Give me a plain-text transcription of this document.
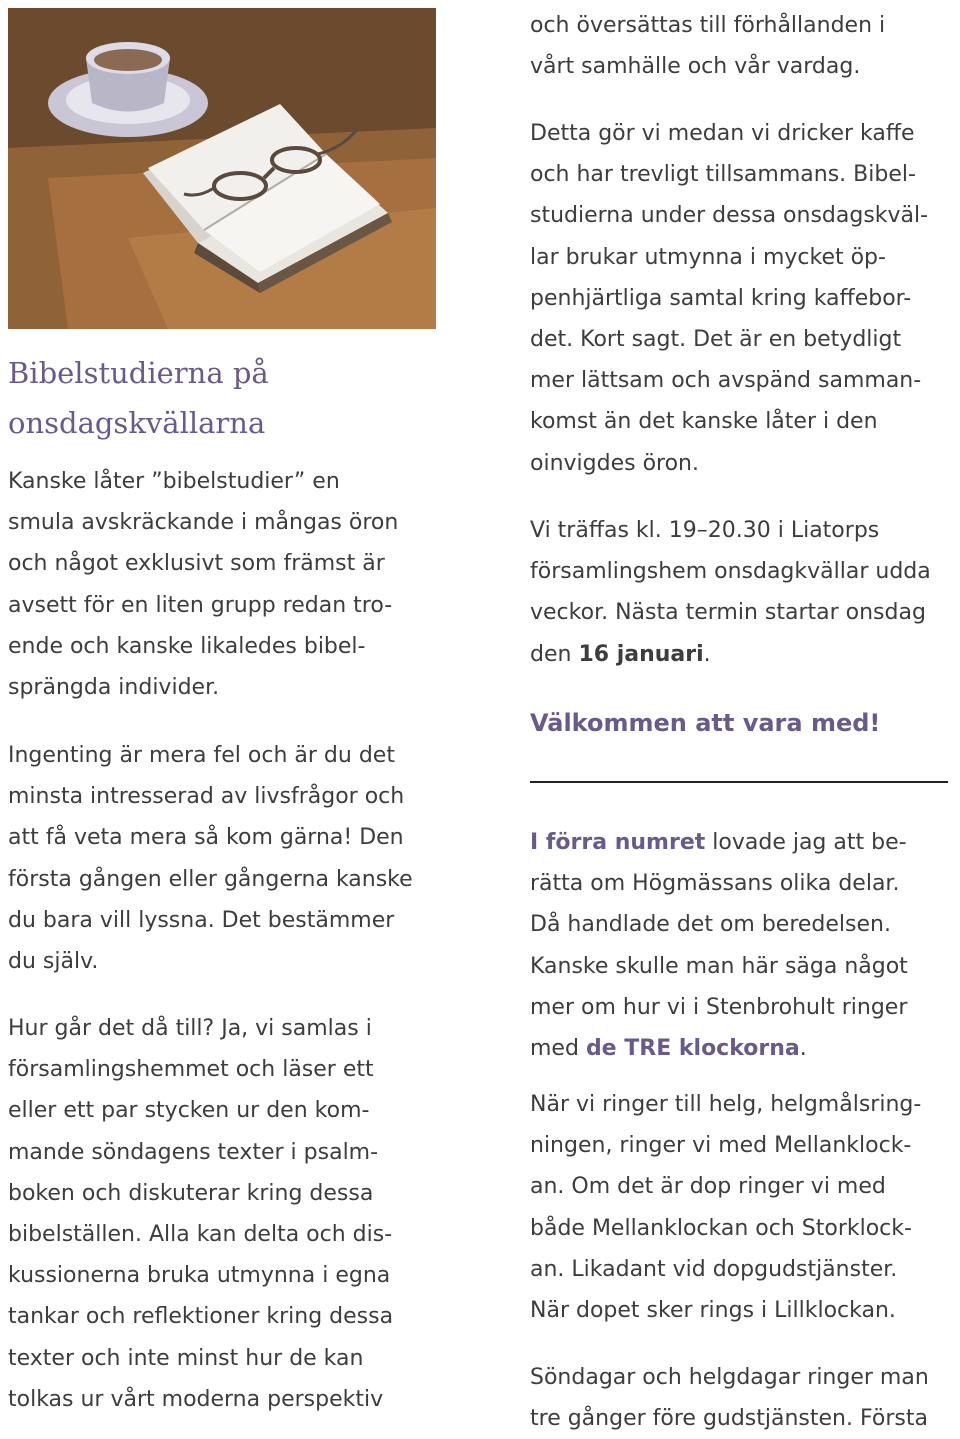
Bibelstudierna på
onsdagskvällarna

Kanske låter ”bibelstudier” en
smula avskräckande i mångas öron
och något exklusivt som främst är
avsett för en liten grupp redan tro-
ende och kanske likaledes bibel-
sprängda individer.

Ingenting är mera fel och är du det
minsta intresserad av livsfrågor och
att få veta mera så kom gärna! Den
första gången eller gångerna kanske
du bara vill lyssna. Det bestämmer
du själv.

Hur går det då till? Ja, vi samlas i
församlingshemmet och läser ett
eller ett par stycken ur den kom-
mande söndagens texter i psalm-
boken och diskuterar kring dessa
bibelställen. Alla kan delta och dis-
kussionerna bruka utmynna i egna
tankar och reflektioner kring dessa
texter och inte minst hur de kan
tolkas ur vårt moderna perspektiv

och översättas till förhållanden i
vårt samhälle och vår vardag.

Detta gör vi medan vi dricker kaffe
och har trevligt tillsammans. Bibel-
studierna under dessa onsdagskväl-
lar brukar utmynna i mycket öp-
penhjärtliga samtal kring kaffebor-
det. Kort sagt. Det är en betydligt
mer lättsam och avspänd samman-
komst än det kanske låter i den
oinvigdes öron.

Vi träffas kl. 19–20.30 i Liatorps
församlingshem onsdagkvällar udda
veckor. Nästa termin startar onsdag
den 16 januari.

Välkommen att vara med!

I förra numret lovade jag att be-
rätta om Högmässans olika delar.
Då handlade det om beredelsen.
Kanske skulle man här säga något
mer om hur vi i Stenbrohult ringer
med de TRE klockorna.

När vi ringer till helg, helgmålsring-
ningen, ringer vi med Mellanklock-
an. Om det är dop ringer vi med
både Mellanklockan och Storklock-
an. Likadant vid dopgudstjänster.
När dopet sker rings i Lillklockan.

Söndagar och helgdagar ringer man
tre gånger före gudstjänsten. Första
